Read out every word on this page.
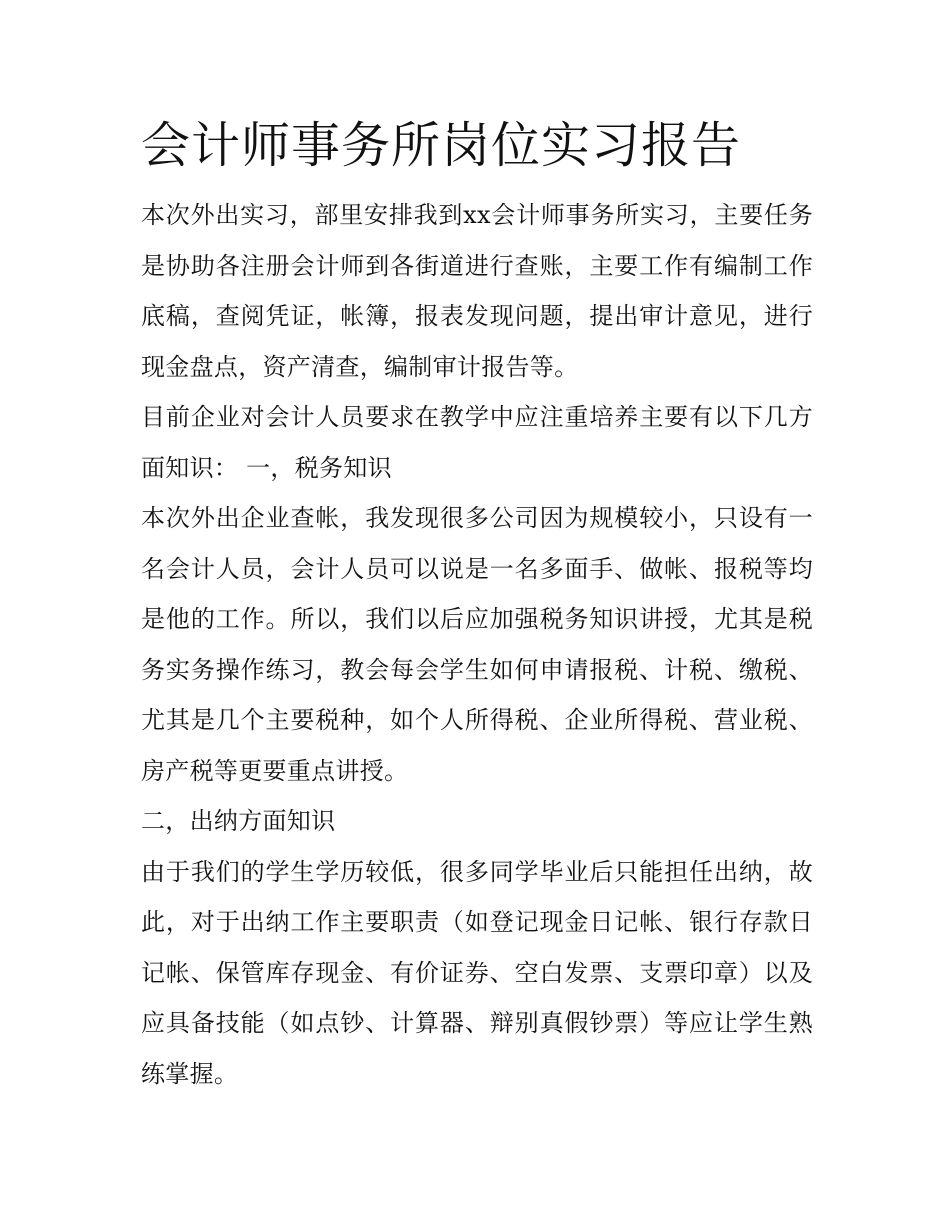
会计师事务所岗位实习报告

本次外出实习，部里安排我到xx会计师事务所实习，主要任务是协助各注册会计师到各街道进行查账，主要工作有编制工作底稿，查阅凭证，帐簿，报表发现问题，提出审计意见，进行现金盘点，资产清查，编制审计报告等。

目前企业对会计人员要求在教学中应注重培养主要有以下几方面知识： 一，税务知识

本次外出企业查帐，我发现很多公司因为规模较小，只设有一名会计人员，会计人员可以说是一名多面手、做帐、报税等均是他的工作。所以，我们以后应加强税务知识讲授，尤其是税务实务操作练习，教会每会学生如何申请报税、计税、缴税、尤其是几个主要税种，如个人所得税、企业所得税、营业税、房产税等更要重点讲授。

二，出纳方面知识

由于我们的学生学历较低，很多同学毕业后只能担任出纳，故此，对于出纳工作主要职责（如登记现金日记帐、银行存款日记帐、保管库存现金、有价证券、空白发票、支票印章）以及应具备技能（如点钞、计算器、辩别真假钞票）等应让学生熟练掌握。
